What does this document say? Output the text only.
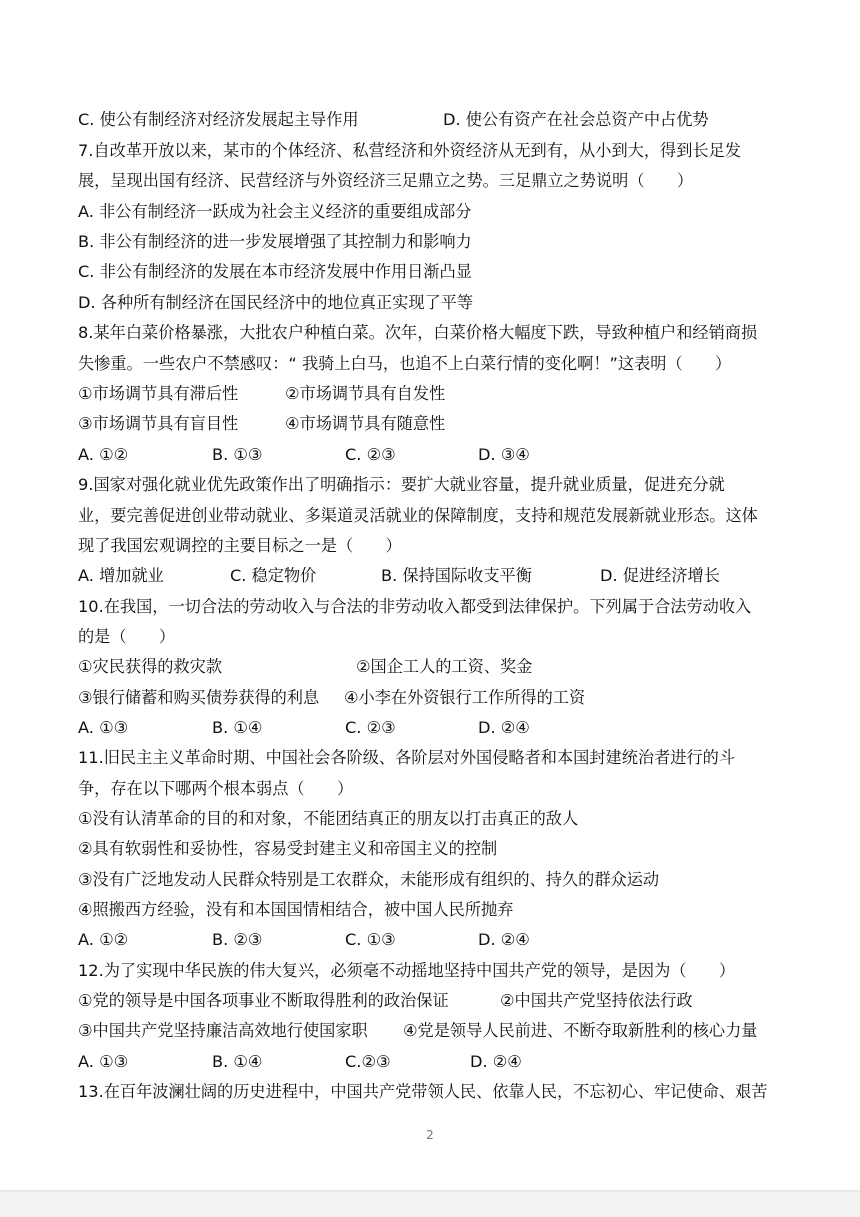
C. 使公有制经济对经济发展起主导作用	D. 使公有资产在社会总资产中占优势
7.自改革开放以来，某市的个体经济、私营经济和外资经济从无到有，从小到大，得到长足发
展，呈现出国有经济、民营经济与外资经济三足鼎立之势。三足鼎立之势说明（　　）
A. 非公有制经济一跃成为社会主义经济的重要组成部分
B. 非公有制经济的进一步发展增强了其控制力和影响力
C. 非公有制经济的发展在本市经济发展中作用日渐凸显
D. 各种所有制经济在国民经济中的地位真正实现了平等
8.某年白菜价格暴涨，大批农户种植白菜。次年，白菜价格大幅度下跌，导致种植户和经销商损
失惨重。一些农户不禁感叹：“ 我骑上白马，也追不上白菜行情的变化啊！”这表明（　　）
①市场调节具有滞后性	②市场调节具有自发性
③市场调节具有盲目性	④市场调节具有随意性
A. ①②	B. ①③	C. ②③	D. ③④
9.国家对强化就业优先政策作出了明确指示：要扩大就业容量，提升就业质量，促进充分就
业，要完善促进创业带动就业、多渠道灵活就业的保障制度，支持和规范发展新就业形态。这体
现了我国宏观调控的主要目标之一是（　　）
A. 增加就业	C. 稳定物价	B. 保持国际收支平衡	D. 促进经济增长
10.在我国，一切合法的劳动收入与合法的非劳动收入都受到法律保护。下列属于合法劳动收入
的是（　　）
①灾民获得的救灾款	②国企工人的工资、奖金
③银行储蓄和购买债券获得的利息 ④小李在外资银行工作所得的工资
A. ①③	B. ①④	C. ②③	D. ②④
11.旧民主主义革命时期、中国社会各阶级、各阶层对外国侵略者和本国封建统治者进行的斗
争，存在以下哪两个根本弱点（　　）
①没有认清革命的目的和对象，不能团结真正的朋友以打击真正的敌人
②具有软弱性和妥协性，容易受封建主义和帝国主义的控制
③没有广泛地发动人民群众特别是工农群众，未能形成有组织的、持久的群众运动
④照搬西方经验，没有和本国国情相结合，被中国人民所抛弃
A. ①②	B. ②③	C. ①③	D. ②④
12.为了实现中华民族的伟大复兴，必须毫不动摇地坚持中国共产党的领导，是因为（　　）
①党的领导是中国各项事业不断取得胜利的政治保证	②中国共产党坚持依法行政
③中国共产党坚持廉洁高效地行使国家职 ④党是领导人民前进、不断夺取新胜利的核心力量
A. ①③	B. ①④	C.②③	D. ②④
13.在百年波澜壮阔的历史进程中，中国共产党带领人民、依靠人民，不忘初心、牢记使命、艰苦
2
